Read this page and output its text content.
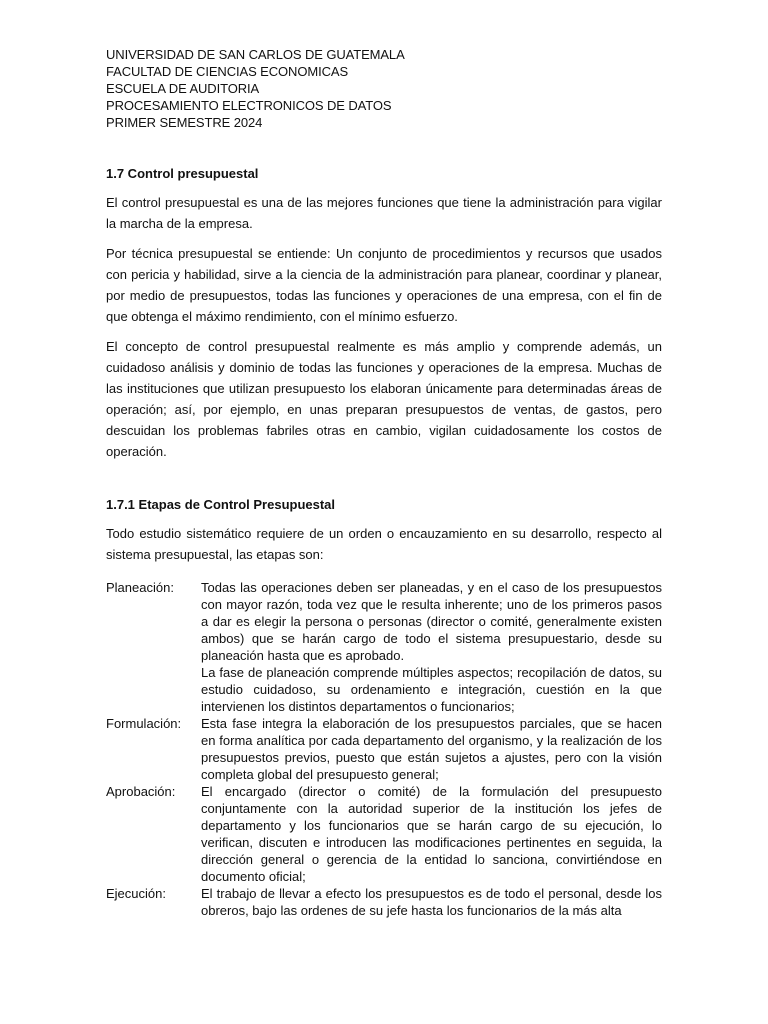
UNIVERSIDAD DE SAN CARLOS DE GUATEMALA
FACULTAD DE CIENCIAS ECONOMICAS
ESCUELA DE AUDITORIA
PROCESAMIENTO ELECTRONICOS DE DATOS
PRIMER SEMESTRE 2024
1.7 Control presupuestal

El control presupuestal es una de las mejores funciones que tiene la administración para vigilar la marcha de la empresa.

Por técnica presupuestal se entiende: Un conjunto de procedimientos y recursos que usados con pericia y habilidad, sirve a la ciencia de la administración para planear, coordinar y planear, por medio de presupuestos, todas las funciones y operaciones de una empresa, con el fin de que obtenga el máximo rendimiento, con el mínimo esfuerzo.

El concepto de control presupuestal realmente es más amplio y comprende además, un cuidadoso análisis y dominio de todas las funciones y operaciones de la empresa. Muchas de las instituciones que utilizan presupuesto los elaboran únicamente para determinadas áreas de operación; así, por ejemplo, en unas preparan presupuestos de ventas, de gastos, pero descuidan los problemas fabriles otras en cambio, vigilan cuidadosamente los costos de operación.

1.7.1 Etapas de Control Presupuestal

Todo estudio sistemático requiere de un orden o encauzamiento en su desarrollo, respecto al sistema presupuestal, las etapas son:

Planeación:	Todas las operaciones deben ser planeadas, y en el caso de los presupuestos con mayor razón, toda vez que le resulta inherente; uno de los primeros pasos a dar es elegir la persona o personas (director o comité, generalmente existen ambos) que se harán cargo de todo el sistema presupuestario, desde su planeación hasta que es aprobado.

La fase de planeación comprende múltiples aspectos; recopilación de datos, su estudio cuidadoso, su ordenamiento e integración, cuestión en la que intervienen los distintos departamentos o funcionarios;

Formulación:	Esta fase integra la elaboración de los presupuestos parciales, que se hacen en forma analítica por cada departamento del organismo, y la realización de los presupuestos previos, puesto que están sujetos a ajustes, pero con la visión completa global del presupuesto general;

Aprobación:	El encargado (director o comité) de la formulación del presupuesto conjuntamente con la autoridad superior de la institución los jefes de departamento y los funcionarios que se harán cargo de su ejecución, lo verifican, discuten e introducen las modificaciones pertinentes en seguida, la dirección general o gerencia de la entidad lo sanciona, convirtiéndose en documento oficial;

Ejecución:	El trabajo de llevar a efecto los presupuestos es de todo el personal, desde los obreros, bajo las ordenes de su jefe hasta los funcionarios de la más alta
